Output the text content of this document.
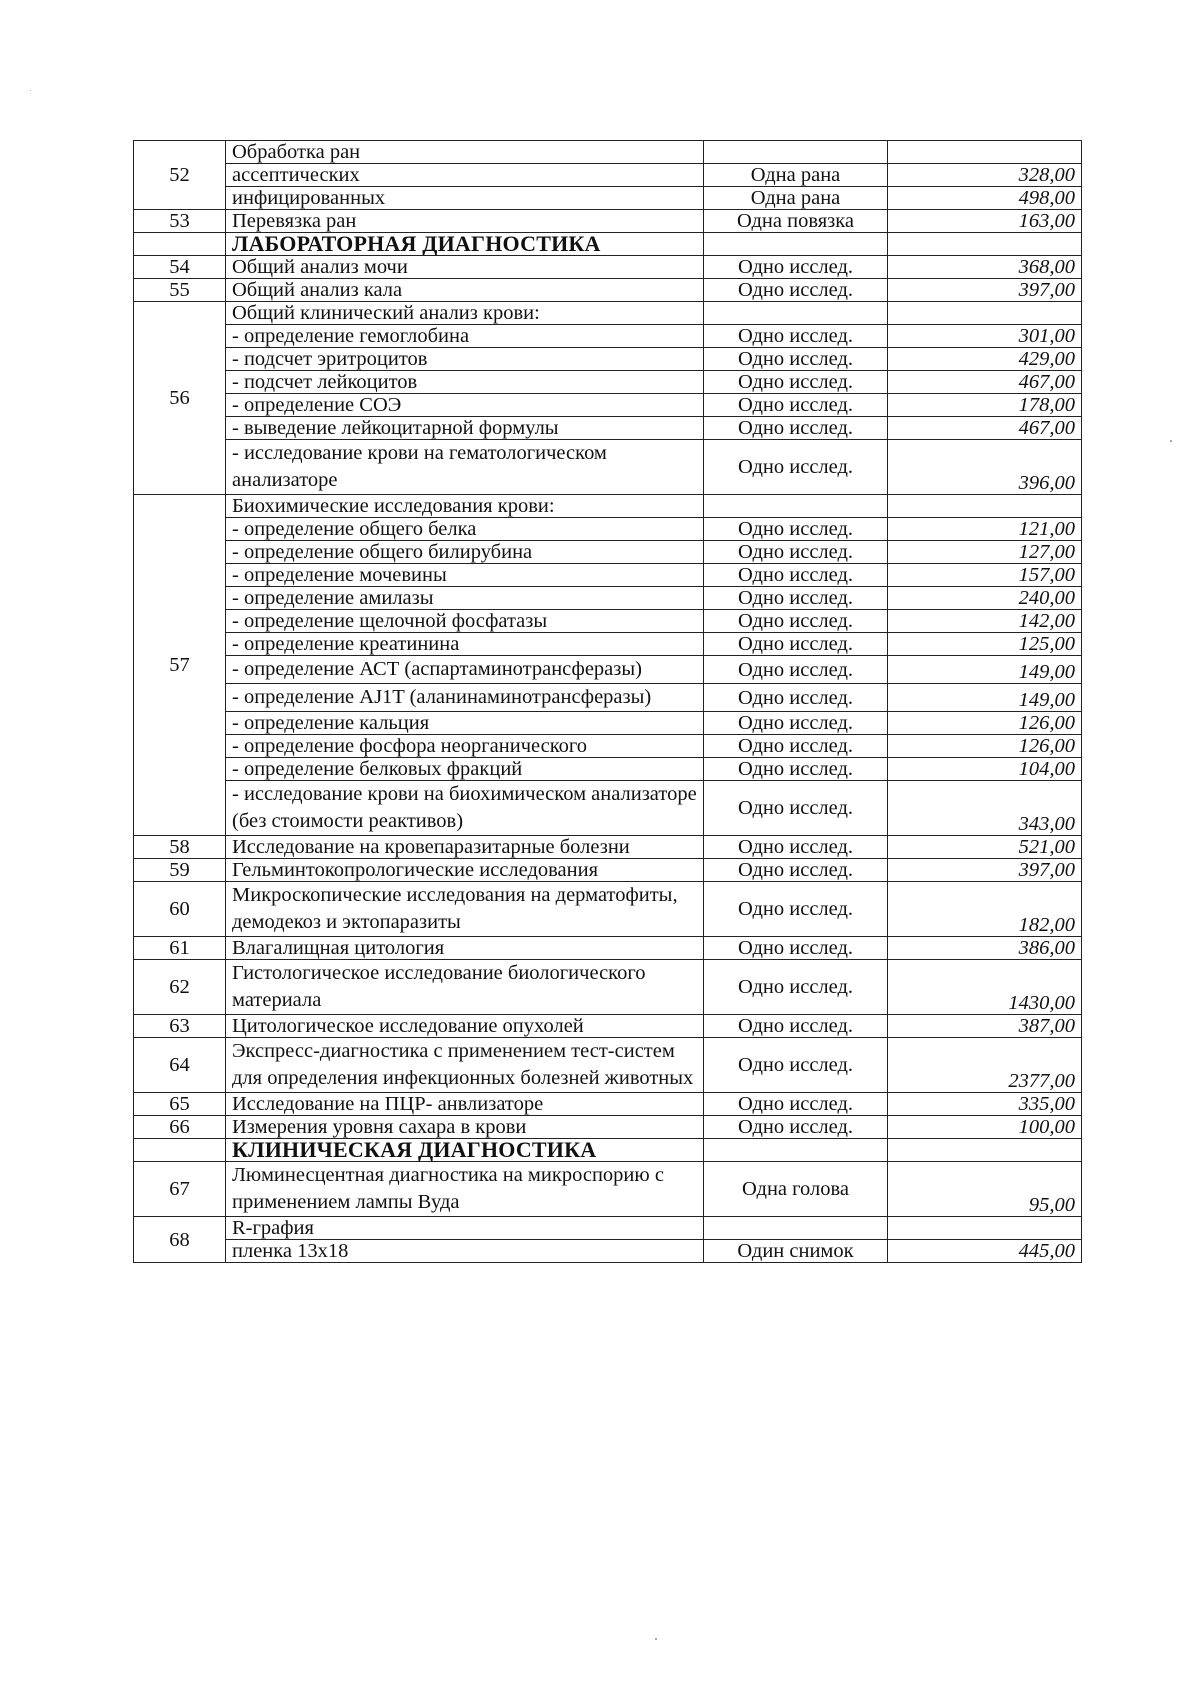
52	Обработка ран		
	ассептических	Одна рана	328,00
	инфицированных	Одна рана	498,00
53	Перевязка ран	Одна повязка	163,00
	ЛАБОРАТОРНАЯ ДИАГНОСТИКА		
54	Общий анализ мочи	Одно исслед.	368,00
55	Общий анализ кала	Одно исслед.	397,00
56	Общий клинический анализ крови:		
	- определение гемоглобина	Одно исслед.	301,00
	- подсчет эритроцитов	Одно исслед.	429,00
	- подсчет лейкоцитов	Одно исслед.	467,00
	- определение СОЭ	Одно исслед.	178,00
	- выведение лейкоцитарной формулы	Одно исслед.	467,00
	- исследование крови на гематологическом анализаторе	Одно исслед.	396,00
57	Биохимические исследования крови:		
	- определение общего белка	Одно исслед.	121,00
	- определение общего билирубина	Одно исслед.	127,00
	- определение мочевины	Одно исслед.	157,00
	- определение амилазы	Одно исслед.	240,00
	- определение щелочной фосфатазы	Одно исслед.	142,00
	- определение креатинина	Одно исслед.	125,00
	- определение АСТ (аспартаминотрансферазы)	Одно исслед.	149,00
	- определение AJ1T (аланинаминотрансферазы)	Одно исслед.	149,00
	- определение кальция	Одно исслед.	126,00
	- определение фосфора неорганического	Одно исслед.	126,00
	- определение белковых фракций	Одно исслед.	104,00
	- исследование крови на биохимическом анализаторе (без стоимости реактивов)	Одно исслед.	343,00
58	Исследование на кровепаразитарные болезни	Одно исслед.	521,00
59	Гельминтокопрологические исследования	Одно исслед.	397,00
60	Микроскопические исследования на дерматофиты, демодекоз и эктопаразиты	Одно исслед.	182,00
61	Влагалищная цитология	Одно исслед.	386,00
62	Гистологическое исследование биологического материала	Одно исслед.	1430,00
63	Цитологическое исследование опухолей	Одно исслед.	387,00
64	Экспресс-диагностика с применением тест-систем для определения инфекционных болезней животных	Одно исслед.	2377,00
65	Исследование на ПЦР- анвлизаторе	Одно исслед.	335,00
66	Измерения уровня сахара в крови	Одно исслед.	100,00
	КЛИНИЧЕСКАЯ ДИАГНОСТИКА		
67	Люминесцентная диагностика на микроспорию с применением лампы Вуда	Одна голова	95,00
68	R-графия		
	пленка 13х18	Один снимок	445,00
